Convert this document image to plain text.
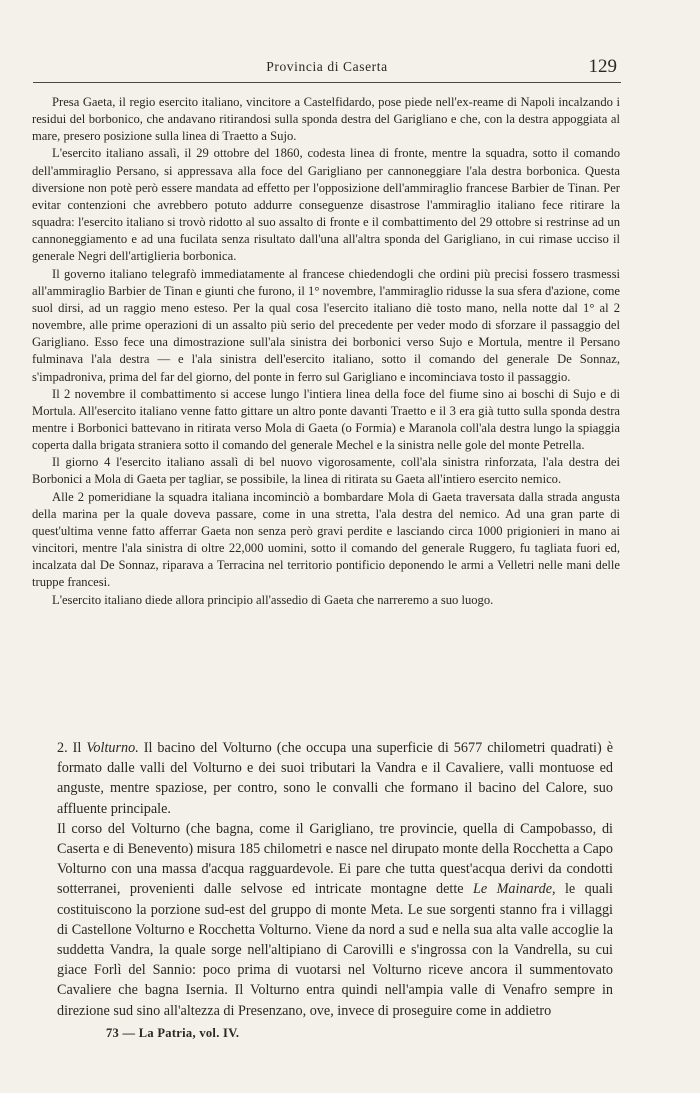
Provincia di Caserta	129

Presa Gaeta, il regio esercito italiano, vincitore a Castelfidardo, pose piede nell'ex-reame di Napoli incalzando i residui del borbonico, che andavano ritirandosi sulla sponda destra del Garigliano e che, con la destra appoggiata al mare, presero posizione sulla linea di Traetto a Sujo.

L'esercito italiano assalì, il 29 ottobre del 1860, codesta linea di fronte, mentre la squadra, sotto il comando dell'ammiraglio Persano, si appressava alla foce del Garigliano per cannoneggiare l'ala destra borbonica. Questa diversione non potè però essere mandata ad effetto per l'opposizione dell'ammiraglio francese Barbier de Tinan. Per evitar contenzioni che avrebbero potuto addurre conseguenze disastrose l'ammiraglio italiano fece ritirare la squadra: l'esercito italiano si trovò ridotto al suo assalto di fronte e il combattimento del 29 ottobre si restrinse ad un cannoneggiamento e ad una fucilata senza risultato dall'una all'altra sponda del Garigliano, in cui rimase ucciso il generale Negri dell'artiglieria borbonica.

Il governo italiano telegrafò immediatamente al francese chiedendogli che ordini più precisi fossero trasmessi all'ammiraglio Barbier de Tinan e giunti che furono, il 1° novembre, l'ammiraglio ridusse la sua sfera d'azione, come suol dirsi, ad un raggio meno esteso. Per la qual cosa l'esercito italiano diè tosto mano, nella notte dal 1° al 2 novembre, alle prime operazioni di un assalto più serio del precedente per veder modo di sforzare il passaggio del Garigliano. Esso fece una dimostrazione sull'ala sinistra dei borbonici verso Sujo e Mortula, mentre il Persano fulminava l'ala destra — e l'ala sinistra dell'esercito italiano, sotto il comando del generale De Sonnaz, s'impadroniva, prima del far del giorno, del ponte in ferro sul Garigliano e incominciava tosto il passaggio.

Il 2 novembre il combattimento si accese lungo l'intiera linea della foce del fiume sino ai boschi di Sujo e di Mortula. All'esercito italiano venne fatto gittare un altro ponte davanti Traetto e il 3 era già tutto sulla sponda destra mentre i Borbonici battevano in ritirata verso Mola di Gaeta (o Formia) e Maranola coll'ala destra lungo la spiaggia coperta dalla brigata straniera sotto il comando del generale Mechel e la sinistra nelle gole del monte Petrella.

Il giorno 4 l'esercito italiano assalì di bel nuovo vigorosamente, coll'ala sinistra rinforzata, l'ala destra dei Borbonici a Mola di Gaeta per tagliar, se possibile, la linea di ritirata su Gaeta all'intiero esercito nemico.

Alle 2 pomeridiane la squadra italiana incominciò a bombardare Mola di Gaeta traversata dalla strada angusta della marina per la quale doveva passare, come in una stretta, l'ala destra del nemico. Ad una gran parte di quest'ultima venne fatto afferrar Gaeta non senza però gravi perdite e lasciando circa 1000 prigionieri in mano ai vincitori, mentre l'ala sinistra di oltre 22,000 uomini, sotto il comando del generale Ruggero, fu tagliata fuori ed, incalzata dal De Sonnaz, riparava a Terracina nel territorio pontificio deponendo le armi a Velletri nelle mani delle truppe francesi.

L'esercito italiano diede allora principio all'assedio di Gaeta che narreremo a suo luogo.

2. Il Volturno. Il bacino del Volturno (che occupa una superficie di 5677 chilometri quadrati) è formato dalle valli del Volturno e dei suoi tributari la Vandra e il Cavaliere, valli montuose ed anguste, mentre spaziose, per contro, sono le convalli che formano il bacino del Calore, suo affluente principale.

Il corso del Volturno (che bagna, come il Garigliano, tre provincie, quella di Campobasso, di Caserta e di Benevento) misura 185 chilometri e nasce nel dirupato monte della Rocchetta a Capo Volturno con una massa d'acqua ragguardevole. Ei pare che tutta quest'acqua derivi da condotti sotterranei, provenienti dalle selvose ed intricate montagne dette Le Mainarde, le quali costituiscono la porzione sud-est del gruppo di monte Meta. Le sue sorgenti stanno fra i villaggi di Castellone Volturno e Rocchetta Volturno. Viene da nord a sud e nella sua alta valle accoglie la suddetta Vandra, la quale sorge nell'altipiano di Carovilli e s'ingrossa con la Vandrella, su cui giace Forlì del Sannio: poco prima di vuotarsi nel Volturno riceve ancora il summentovato Cavaliere che bagna Isernia. Il Volturno entra quindi nell'ampia valle di Venafro sempre in direzione sud sino all'altezza di Presenzano, ove, invece di proseguire come in addietro

73 — La Patria, vol. IV.
